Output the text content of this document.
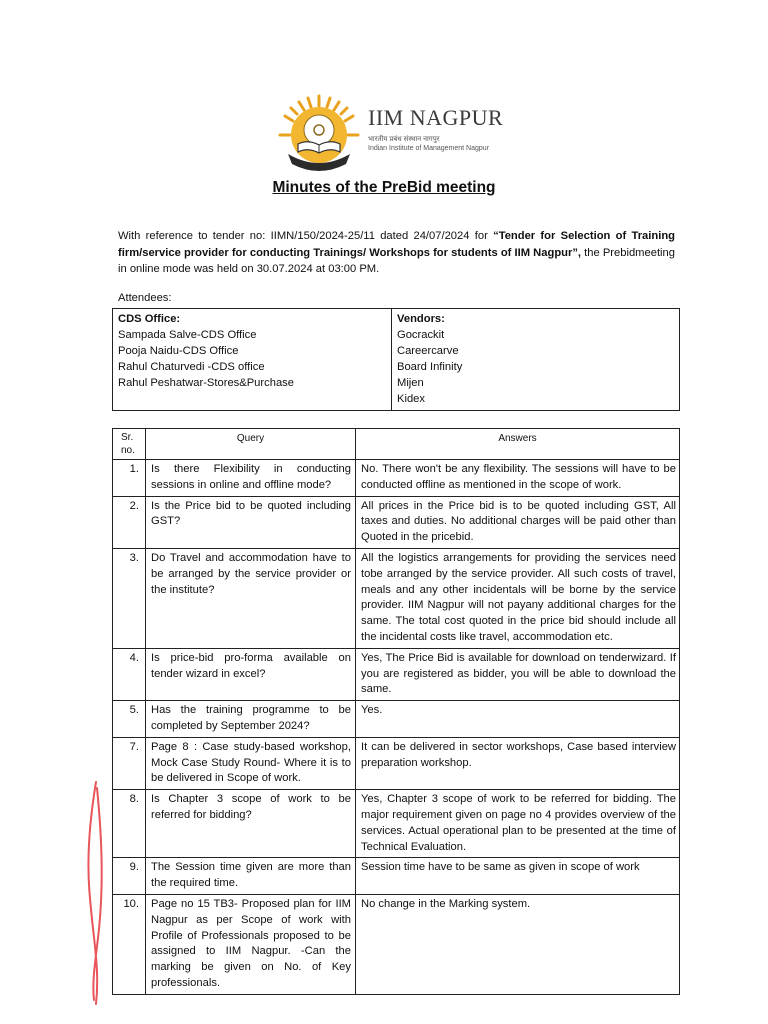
IIM NAGPUR
भारतीय प्रबंध संस्थान नागपुर
Indian Institute of Management Nagpur
Minutes of the PreBid meeting
With reference to tender no: IIMN/150/2024-25/11 dated 24/07/2024 for “Tender for Selection of Training firm/service provider for conducting Trainings/ Workshops for students of IIM Nagpur”, the Prebidmeeting in online mode was held on 30.07.2024 at 03:00 PM.
Attendees:
CDS Office:
Sampada Salve-CDS Office
Pooja Naidu-CDS Office
Rahul Chaturvedi -CDS office
Rahul Peshatwar-Stores&Purchase

Vendors:
Gocrackit
Careercarve
Board Infinity
Mijen
Kidex
Sr. no.	Query	Answers
1.	Is there Flexibility in conducting sessions in online and offline mode?	No. There won't be any flexibility. The sessions will have to be conducted offline as mentioned in the scope of work.
2.	Is the Price bid to be quoted including GST?	All prices in the Price bid is to be quoted including GST, All taxes and duties. No additional charges will be paid other than Quoted in the pricebid.
3.	Do Travel and accommodation have to be arranged by the service provider or the institute?	All the logistics arrangements for providing the services need tobe arranged by the service provider. All such costs of travel, meals and any other incidentals will be borne by the service provider. IIM Nagpur will not payany additional charges for the same. The total cost quoted in the price bid should include all the incidental costs like travel, accommodation etc.
4.	Is price-bid pro-forma available on tender wizard in excel?	Yes, The Price Bid is available for download on tenderwizard. If you are registered as bidder, you will be able to download the same.
5.	Has the training programme to be completed by September 2024?	Yes.
7.	Page 8 : Case study-based workshop, Mock Case Study Round- Where it is to be delivered in Scope of work.	It can be delivered in sector workshops, Case based interview preparation workshop.
8.	Is Chapter 3 scope of work to be referred for bidding?	Yes, Chapter 3 scope of work to be referred for bidding. The major requirement given on page no 4 provides overview of the services. Actual operational plan to be presented at the time of Technical Evaluation.
9.	The Session time given are more than the required time.	Session time have to be same as given in scope of work
10.	Page no 15 TB3- Proposed plan for IIM Nagpur as per Scope of work with Profile of Professionals proposed to be assigned to IIM Nagpur. -Can the marking be given on No. of Key professionals.	No change in the Marking system.
